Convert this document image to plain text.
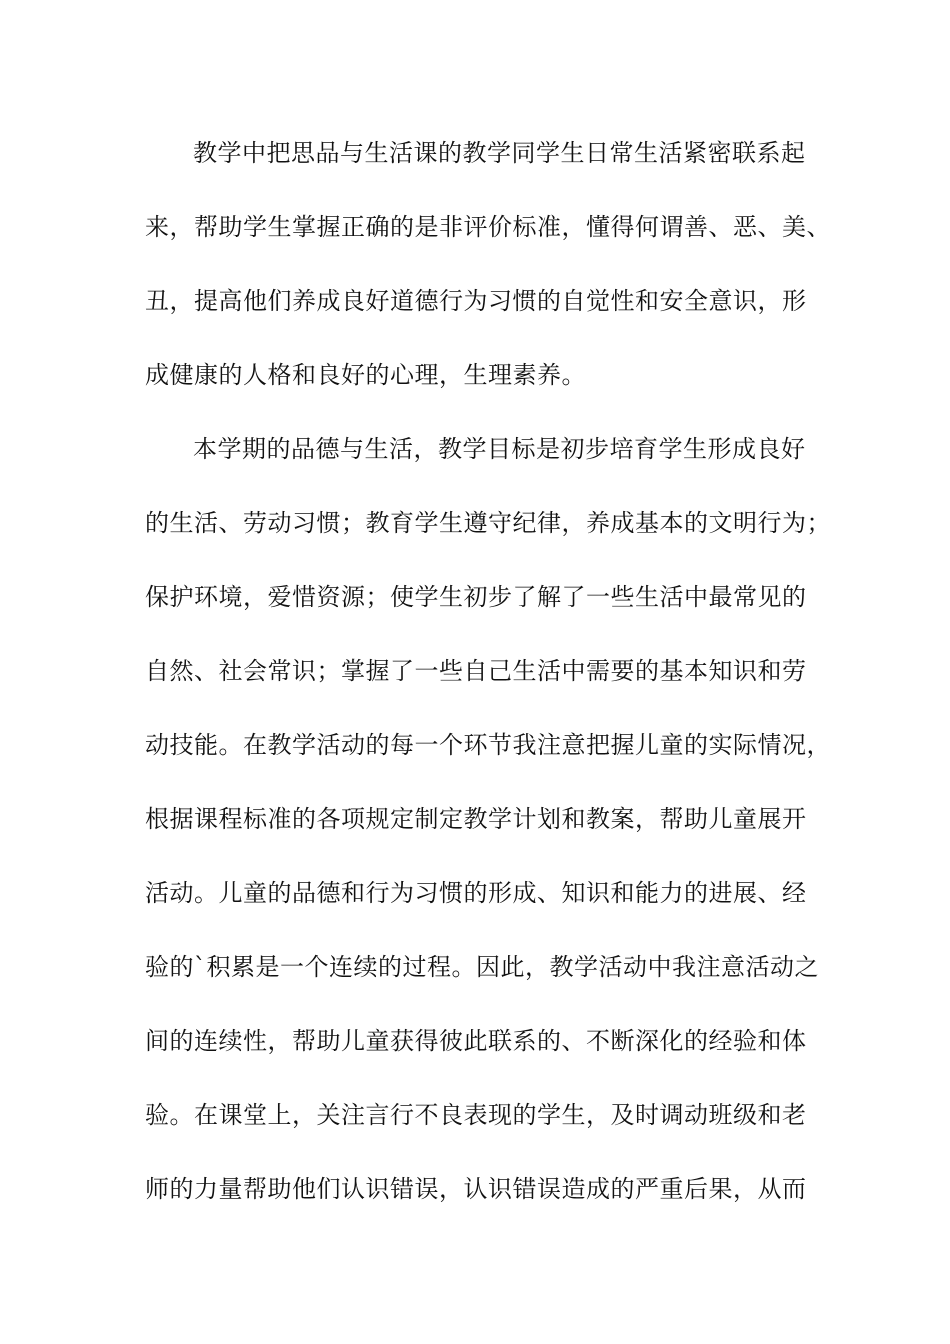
教学中把思品与生活课的教学同学生日常生活紧密联系起
来，帮助学生掌握正确的是非评价标准，懂得何谓善、恶、美、
丑，提高他们养成良好道德行为习惯的自觉性和安全意识，形
成健康的人格和良好的心理，生理素养。
本学期的品德与生活，教学目标是初步培育学生形成良好
的生活、劳动习惯；教育学生遵守纪律，养成基本的文明行为；
保护环境，爱惜资源；使学生初步了解了一些生活中最常见的
自然、社会常识；掌握了一些自己生活中需要的基本知识和劳
动技能。在教学活动的每一个环节我注意把握儿童的实际情况，
根据课程标准的各项规定制定教学计划和教案，帮助儿童展开
活动。儿童的品德和行为习惯的形成、知识和能力的进展、经
验的`积累是一个连续的过程。因此，教学活动中我注意活动之
间的连续性，帮助儿童获得彼此联系的、不断深化的经验和体
验。在课堂上，关注言行不良表现的学生，及时调动班级和老
师的力量帮助他们认识错误，认识错误造成的严重后果，从而
